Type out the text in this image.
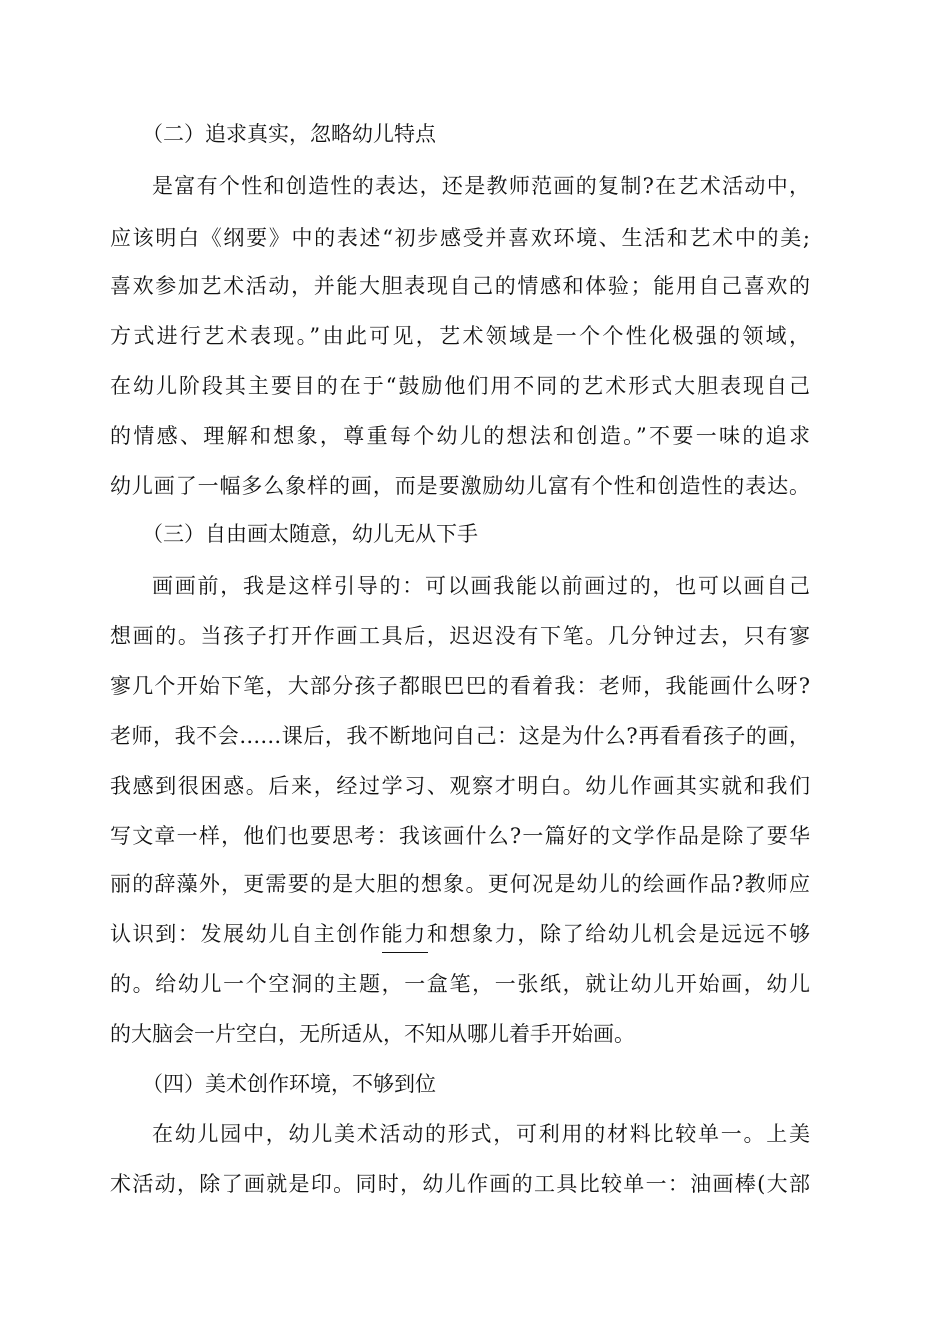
（二）追求真实，忽略幼儿特点
是富有个性和创造性的表达，还是教师范画的复制?在艺术活动中，
应该明白《纲要》中的表述“初步感受并喜欢环境、生活和艺术中的美;
喜欢参加艺术活动，并能大胆表现自己的情感和体验；能用自己喜欢的
方式进行艺术表现。”由此可见，艺术领域是一个个性化极强的领域，
在幼儿阶段其主要目的在于“鼓励他们用不同的艺术形式大胆表现自己
的情感、理解和想象，尊重每个幼儿的想法和创造。”不要一味的追求
幼儿画了一幅多么象样的画，而是要激励幼儿富有个性和创造性的表达。
（三）自由画太随意，幼儿无从下手
画画前，我是这样引导的：可以画我能以前画过的，也可以画自己
想画的。当孩子打开作画工具后，迟迟没有下笔。几分钟过去，只有寥
寥几个开始下笔，大部分孩子都眼巴巴的看着我：老师，我能画什么呀?
老师，我不会……课后，我不断地问自己：这是为什么?再看看孩子的画，
我感到很困惑。后来，经过学习、观察才明白。幼儿作画其实就和我们
写文章一样，他们也要思考：我该画什么?一篇好的文学作品是除了要华
丽的辞藻外，更需要的是大胆的想象。更何况是幼儿的绘画作品?教师应
认识到：发展幼儿自主创作能力和想象力，除了给幼儿机会是远远不够
的。给幼儿一个空洞的主题，一盒笔，一张纸，就让幼儿开始画，幼儿
的大脑会一片空白，无所适从，不知从哪儿着手开始画。
（四）美术创作环境，不够到位
在幼儿园中，幼儿美术活动的形式，可利用的材料比较单一。上美
术活动，除了画就是印。同时，幼儿作画的工具比较单一：油画棒(大部
